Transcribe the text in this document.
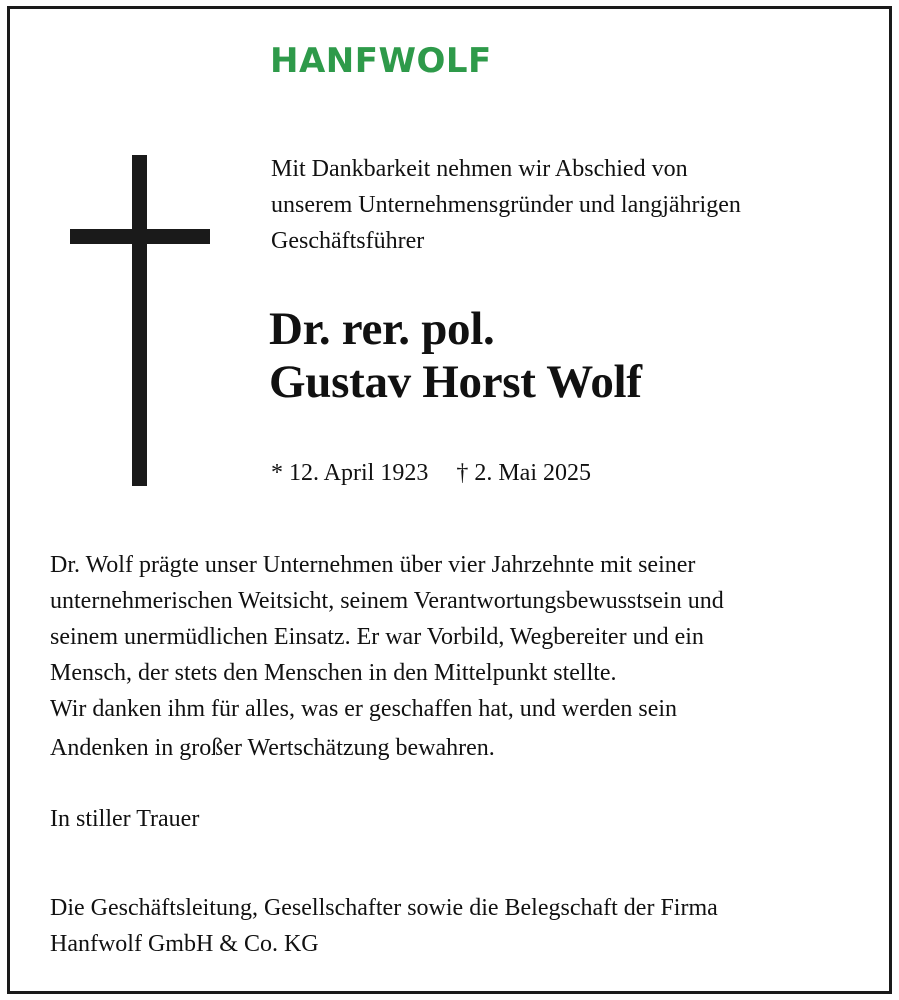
HANFWOLF
Mit Dankbarkeit nehmen wir Abschied von
unserem Unternehmensgründer und langjährigen
Geschäftsführer
Dr. rer. pol.
Gustav Horst Wolf
* 12. April 1923 † 2. Mai 2025
Dr. Wolf prägte unser Unternehmen über vier Jahrzehnte mit seiner
unternehmerischen Weitsicht, seinem Verantwortungsbewusstsein und
seinem unermüdlichen Einsatz. Er war Vorbild, Wegbereiter und ein
Mensch, der stets den Menschen in den Mittelpunkt stellte.
Wir danken ihm für alles, was er geschaffen hat, und werden sein
Andenken in großer Wertschätzung bewahren.
In stiller Trauer
Die Geschäftsleitung, Gesellschafter sowie die Belegschaft der Firma
Hanfwolf GmbH & Co. KG
